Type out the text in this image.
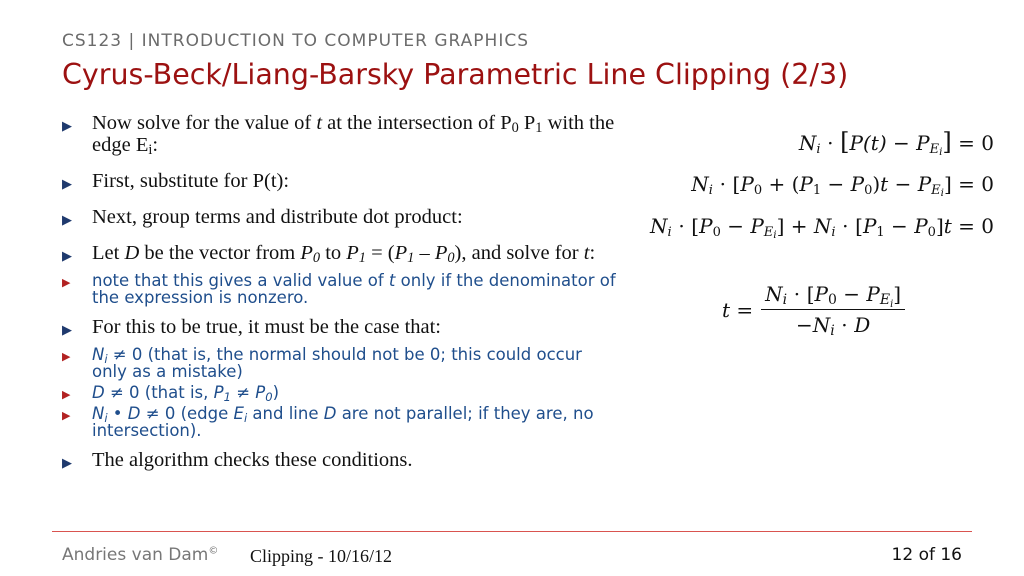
CS123 | INTRODUCTION TO COMPUTER GRAPHICS
Cyrus-Beck/Liang-Barsky Parametric Line Clipping (2/3)
▶ Now solve for the value of t at the intersection of $P_0$ $P_1$ with the edge $E_i$:
▶ First, substitute for P(t):
▶ Next, group terms and distribute dot product:
▶ Let D be the vector from $P_0$ to $P_1 = (P_1 - P_0)$, and solve for t:
▶ note that this gives a valid value of t only if the denominator of the expression is nonzero.
▶ For this to be true, it must be the case that:
▶ $N_i \ne 0$ (that is, the normal should not be 0; this could occur only as a mistake)
▶ D ≠ 0 (that is, $P_1 \ne P_0$)
▶ $N_i$ • D ≠ 0 (edge $E_i$ and line D are not parallel; if they are, no intersection).
▶ The algorithm checks these conditions.
$N_i \cdot [P(t) - P_{E_i}] = 0$
$N_i \cdot [P_0 + (P_1 - P_0)t - P_{E_i}] = 0$
$N_i \cdot [P_0 - P_{E_i}] + N_i \cdot [P_1 - P_0]t = 0$
t
= $\frac{N_i \cdot [P_0 - P_{E_i}]}{-N_i \cdot D}$
Andries van Dam© Clipping - 10/16/12	12 of 16
